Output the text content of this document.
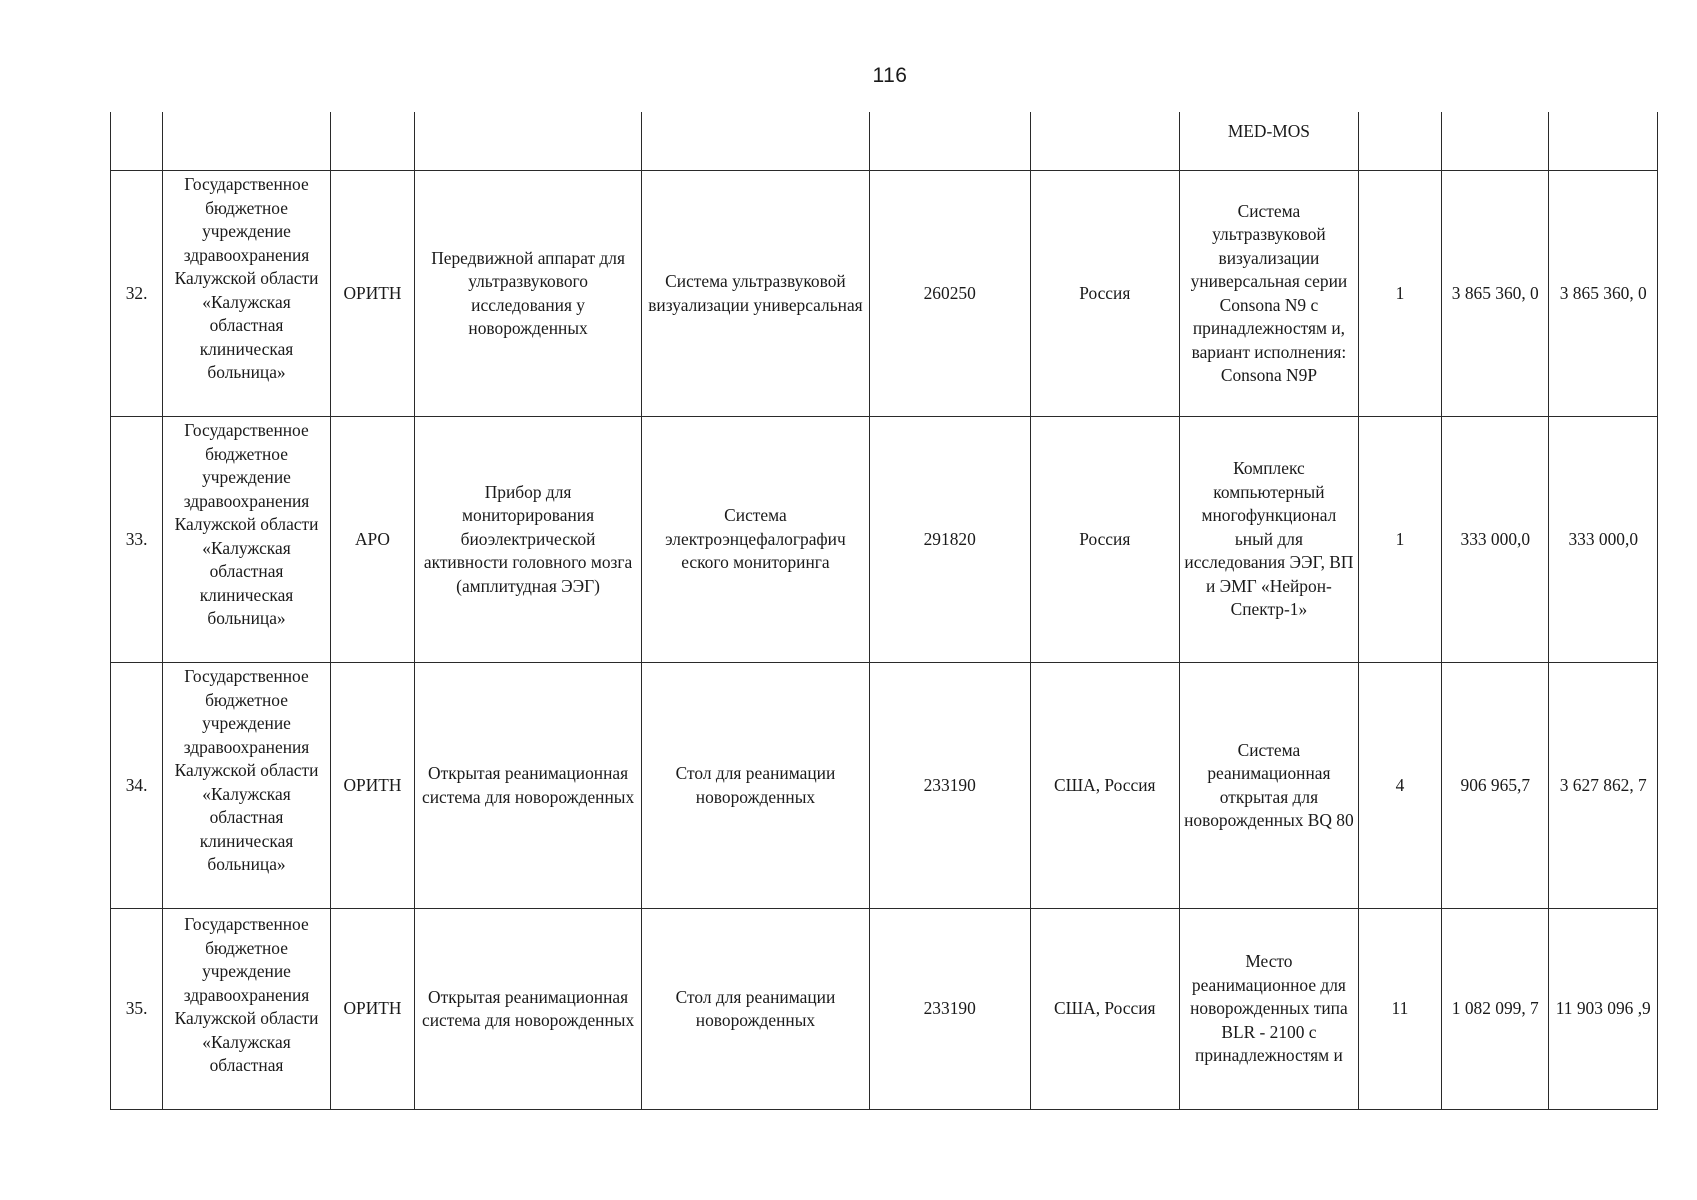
116
							MED-MOS			
32.	Государственное бюджетное учреждение здравоохранения Калужской области «Калужская областная клиническая больница»	ОРИТН	Передвижной аппарат для ультразвукового исследования у новорожденных	Система ультразвуковой визуализации универсальная	260250	Россия	Система ультразвуковой визуализации универсальная серии Consona N9 с принадлежностям и, вариант исполнения: Consona N9P	1	3 865 360, 0	3 865 360, 0
33.	Государственное бюджетное учреждение здравоохранения Калужской области «Калужская областная клиническая больница»	АРО	Прибор для мониторирования биоэлектрической активности головного мозга (амплитудная ЭЭГ)	Система электроэнцефалографич еского мониторинга	291820	Россия	Комплекс компьютерный многофункционал ьный для исследования ЭЭГ, ВП и ЭМГ «Нейрон-Спектр-1»	1	333 000,0	333 000,0
34.	Государственное бюджетное учреждение здравоохранения Калужской области «Калужская областная клиническая больница»	ОРИТН	Открытая реанимационная система для новорожденных	Стол для реанимации новорожденных	233190	США, Россия	Система реанимационная открытая для новорожденных BQ 80	4	906 965,7	3 627 862, 7
35.	Государственное бюджетное учреждение здравоохранения Калужской области «Калужская областная	ОРИТН	Открытая реанимационная система для новорожденных	Стол для реанимации новорожденных	233190	США, Россия	Место реанимационное для новорожденных типа BLR - 2100 с принадлежностям и	11	1 082 099, 7	11 903 096 ,9
